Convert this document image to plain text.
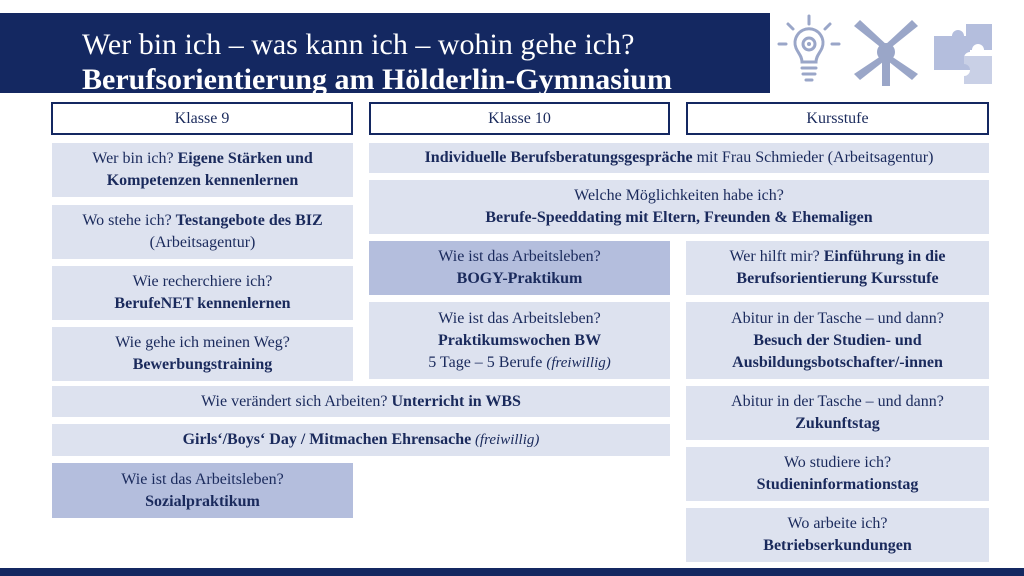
Wer bin ich – was kann ich – wohin gehe ich?
Berufsorientierung am Hölderlin-Gymnasium
Klasse 9	Klasse 10	Kursstufe
Wer bin ich? Eigene Stärken und Kompetenzen kennenlernen
Wo stehe ich? Testangebote des BIZ (Arbeitsagentur)
Wie recherchiere ich?
BerufeNET kennenlernen
Wie gehe ich meinen Weg?
Bewerbungstraining
Wie ist das Arbeitsleben?
Sozialpraktikum
Individuelle Berufsberatungsgespräche mit Frau Schmieder (Arbeitsagentur)
Welche Möglichkeiten habe ich?
Berufe-Speeddating mit Eltern, Freunden & Ehemaligen
Wie ist das Arbeitsleben?
BOGY-Praktikum
Wie ist das Arbeitsleben?
Praktikumswochen BW
5 Tage – 5 Berufe (freiwillig)
Wie verändert sich Arbeiten? Unterricht in WBS
Girls‘/Boys‘ Day / Mitmachen Ehrensache (freiwillig)
Wer hilft mir? Einführung in die Berufsorientierung Kursstufe
Abitur in der Tasche – und dann?
Besuch der Studien- und Ausbildungsbotschafter/-innen
Abitur in der Tasche – und dann?
Zukunftstag
Wo studiere ich?
Studieninformationstag
Wo arbeite ich?
Betriebserkundungen
